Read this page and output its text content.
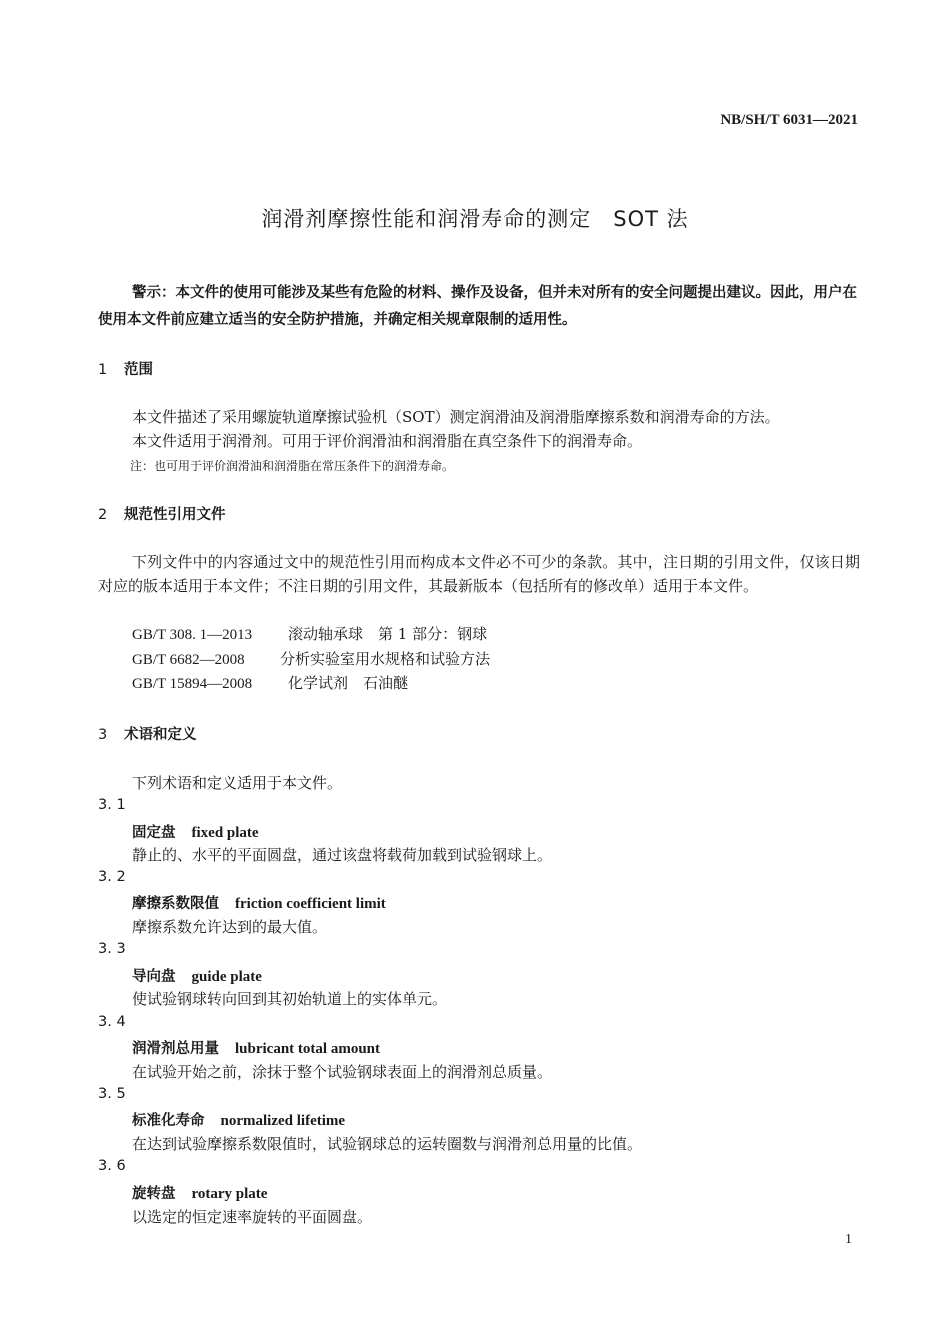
NB/SH/T 6031—2021
润滑剂摩擦性能和润滑寿命的测定　SOT 法
警示：本文件的使用可能涉及某些有危险的材料、操作及设备，但并未对所有的安全问题提出建议。因此，用户在使用本文件前应建立适当的安全防护措施，并确定相关规章限制的适用性。
1 范围
本文件描述了采用螺旋轨道摩擦试验机（SOT）测定润滑油及润滑脂摩擦系数和润滑寿命的方法。
本文件适用于润滑剂。可用于评价润滑油和润滑脂在真空条件下的润滑寿命。
注：也可用于评价润滑油和润滑脂在常压条件下的润滑寿命。
2 规范性引用文件
下列文件中的内容通过文中的规范性引用而构成本文件必不可少的条款。其中，注日期的引用文件，仅该日期对应的版本适用于本文件；不注日期的引用文件，其最新版本（包括所有的修改单）适用于本文件。
GB/T 308. 1—2013 滚动轴承球　第 1 部分：钢球
GB/T 6682—2008 分析实验室用水规格和试验方法
GB/T 15894—2008 化学试剂　石油醚
3 术语和定义
下列术语和定义适用于本文件。
3. 1
固定盘 fixed plate
静止的、水平的平面圆盘，通过该盘将载荷加载到试验钢球上。
3. 2
摩擦系数限值 friction coefficient limit
摩擦系数允许达到的最大值。
3. 3
导向盘 guide plate
使试验钢球转向回到其初始轨道上的实体单元。
3. 4
润滑剂总用量 lubricant total amount
在试验开始之前，涂抹于整个试验钢球表面上的润滑剂总质量。
3. 5
标准化寿命 normalized lifetime
在达到试验摩擦系数限值时，试验钢球总的运转圈数与润滑剂总用量的比值。
3. 6
旋转盘 rotary plate
以选定的恒定速率旋转的平面圆盘。
1
